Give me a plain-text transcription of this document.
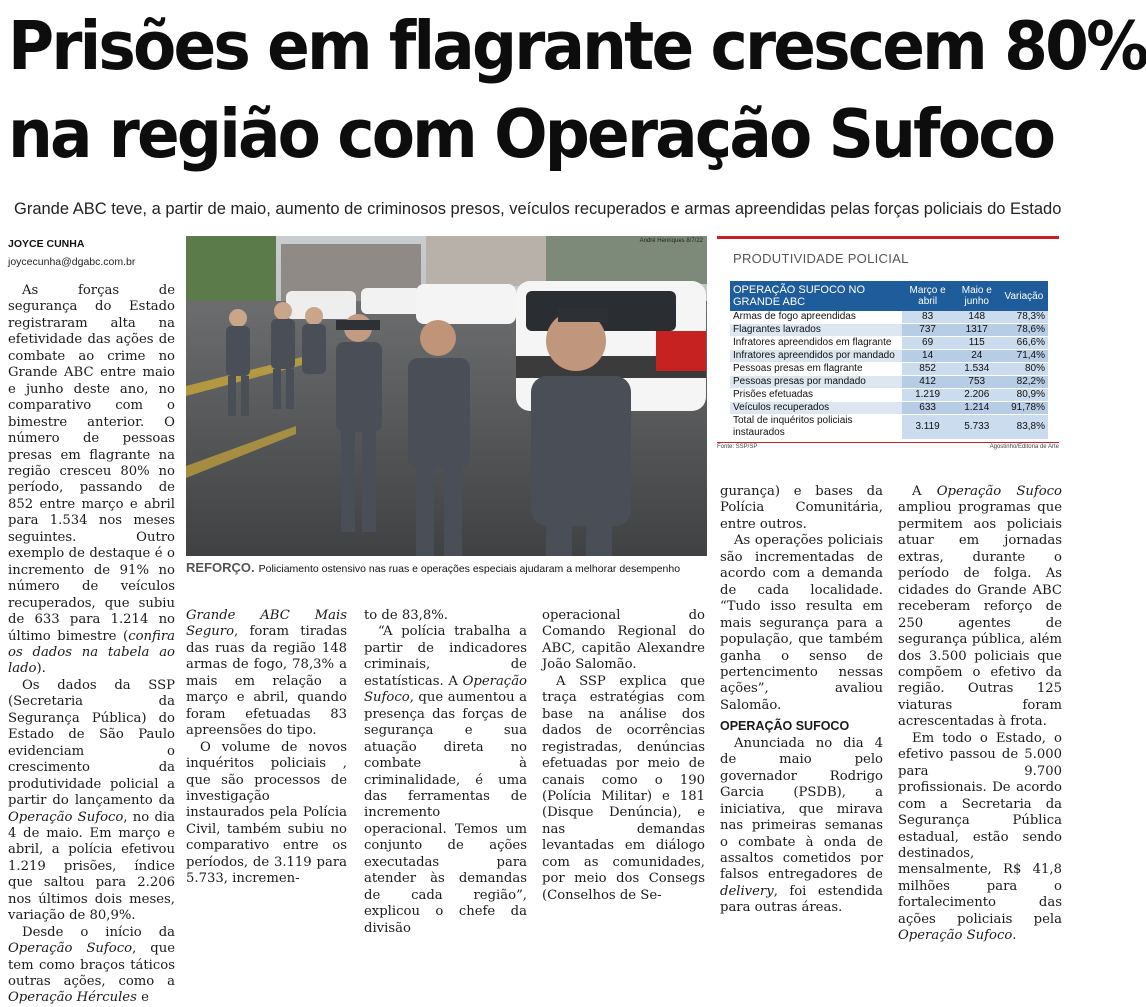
Prisões em flagrante crescem 80%
na região com Operação Sufoco
Grande ABC teve, a partir de maio, aumento de criminosos presos, veículos recuperados e armas apreendidas pelas forças policiais do Estado
JOYCE CUNHA
joycecunha@dgabc.com.br

As forças de segurança do Estado registraram alta na efetividade das ações de combate ao crime no Grande ABC entre maio e junho deste ano, no comparativo com o bimestre anterior. O número de pessoas presas em flagrante na região cresceu 80% no período, passando de 852 entre março e abril para 1.534 nos meses seguintes. Outro exemplo de destaque é o incremento de 91% no número de veículos recuperados, que subiu de 633 para 1.214 no último bimestre (confira os dados na tabela ao lado).

Os dados da SSP (Secretaria da Segurança Pública) do Estado de São Paulo evidenciam o crescimento da produtividade policial a partir do lançamento da Operação Sufoco, no dia 4 de maio. Em março e abril, a polícia efetivou 1.219 prisões, índice que saltou para 2.206 nos últimos dois meses, variação de 80,9%.

Desde o início da Operação Sufoco, que tem como braços táticos outras ações, como a Operação Hércules e

André Henriques 8/7/22
REFORÇO. Policiamento ostensivo nas ruas e operações especiais ajudaram a melhorar desempenho
PRODUTIVIDADE POLICIAL
OPERAÇÃO SUFOCO NO GRANDE ABC	Março e abril	Maio e junho	Variação
Armas de fogo apreendidas	83	148	78,3%
Flagrantes lavrados	737	1317	78,6%
Infratores apreendidos em flagrante	69	115	66,6%
Infratores apreendidos por mandado	14	24	71,4%
Pessoas presas em flagrante	852	1.534	80%
Pessoas presas por mandado	412	753	82,2%
Prisões efetuadas	1.219	2.206	80,9%
Veículos recuperados	633	1.214	91,78%
Total de inquéritos policiais instaurados	3.119	5.733	83,8%
Fonte: SSP/SP	Agostinho/Editoria de Arte

Grande ABC Mais Seguro, foram tiradas das ruas da região 148 armas de fogo, 78,3% a mais em relação a março e abril, quando foram efetuadas 83 apreensões do tipo.

O volume de novos inquéritos policiais , que são processos de investigação instaurados pela Polícia Civil, também subiu no comparativo entre os períodos, de 3.119 para 5.733, incremen-

to de 83,8%.

“A polícia trabalha a partir de indicadores criminais, de estatísticas. A Operação Sufoco, que aumentou a presença das forças de segurança e sua atuação direta no combate à criminalidade, é uma das ferramentas de incremento operacional. Temos um conjunto de ações executadas para atender às demandas de cada região”, explicou o chefe da divisão

operacional do Comando Regional do ABC, capitão Alexandre João Salomão.

A SSP explica que traça estratégias com base na análise dos dados de ocorrências registradas, denúncias efetuadas por meio de canais como o 190 (Polícia Militar) e 181 (Disque Denúncia), e nas demandas levantadas em diálogo com as comunidades, por meio dos Consegs (Conselhos de Se-

gurança) e bases da Polícia Comunitária, entre outros.

As operações policiais são incrementadas de acordo com a demanda de cada localidade. “Tudo isso resulta em mais segurança para a população, que também ganha o senso de pertencimento nessas ações”, avaliou Salomão.

OPERAÇÃO SUFOCO

Anunciada no dia 4 de maio pelo governador Rodrigo Garcia (PSDB), a iniciativa, que mirava nas primeiras semanas o combate à onda de assaltos cometidos por falsos entregadores de delivery, foi estendida para outras áreas.

A Operação Sufoco ampliou programas que permitem aos policiais atuar em jornadas extras, durante o período de folga. As cidades do Grande ABC receberam reforço de 250 agentes de segurança pública, além dos 3.500 policiais que compõem o efetivo da região. Outras 125 viaturas foram acrescentadas à frota.

Em todo o Estado, o efetivo passou de 5.000 para 9.700 profissionais. De acordo com a Secretaria da Segurança Pública estadual, estão sendo destinados, mensalmente, R$ 41,8 milhões para o fortalecimento das ações policiais pela Operação Sufoco.
